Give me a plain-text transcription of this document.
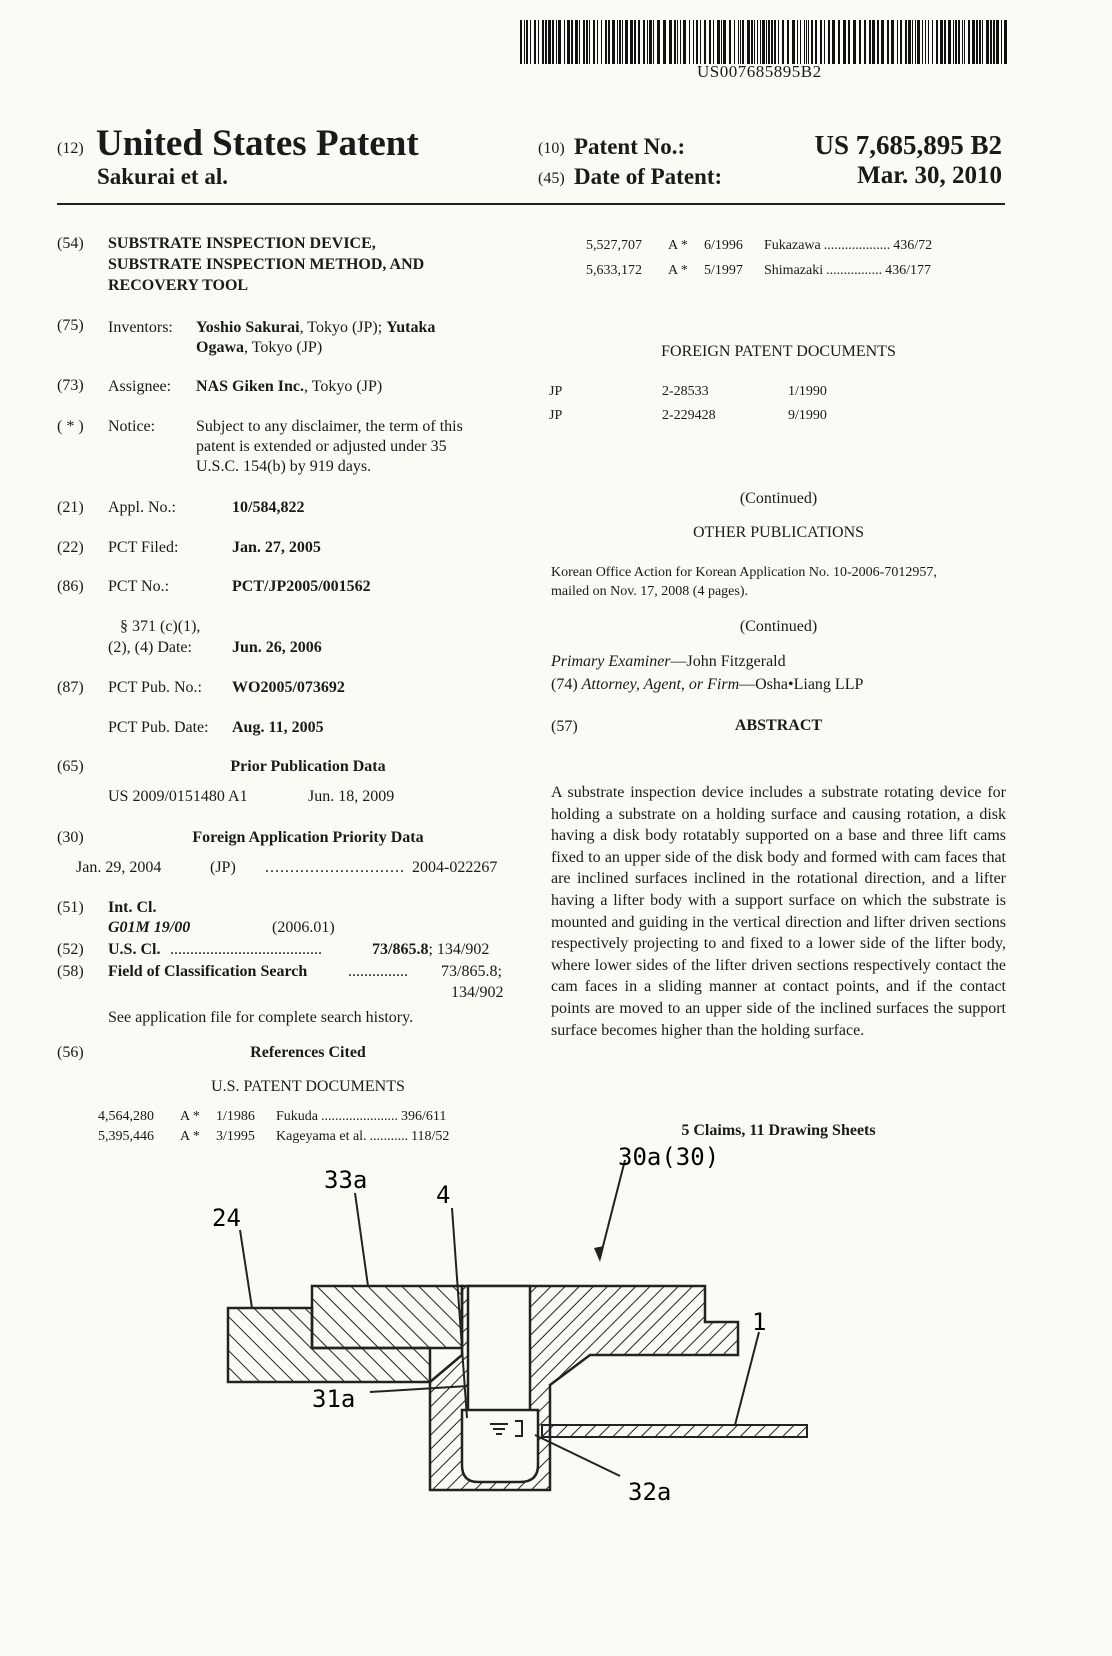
US007685895B2
(12) United States Patent
Sakurai et al.
(10) Patent No.:	US 7,685,895 B2
(45) Date of Patent:	Mar. 30, 2010
(54) SUBSTRATE INSPECTION DEVICE,
SUBSTRATE INSPECTION METHOD, AND
RECOVERY TOOL
(75) Inventors: Yoshio Sakurai, Tokyo (JP); Yutaka
Ogawa, Tokyo (JP)
(73) Assignee: NAS Giken Inc., Tokyo (JP)
( * ) Notice:	Subject to any disclaimer, the term of this
patent is extended or adjusted under 35
U.S.C. 154(b) by 919 days.
(21) Appl. No.:	10/584,822
(22) PCT Filed:	Jan. 27, 2005
(86) PCT No.:	PCT/JP2005/001562
§ 371 (c)(1),
(2), (4) Date:	Jun. 26, 2006
(87) PCT Pub. No.: WO2005/073692
PCT Pub. Date: Aug. 11, 2005
(65)	Prior Publication Data
US 2009/0151480 A1	Jun. 18, 2009
(30)	Foreign Application Priority Data
Jan. 29, 2004	(JP) ............................ 2004-022267
(51) Int. Cl.
G01M 19/00	(2006.01)
(52) U.S. Cl. ......................................	73/865.8; 134/902
(58) Field of Classification Search	............... 73/865.8;
134/902
See application file for complete search history.
(56)	References Cited
U.S. PATENT DOCUMENTS
4,564,280 A * 1/1986 Fukuda ...................... 396/611
5,395,446 A * 3/1995 Kageyama et al. ........... 118/52
5,527,707 A * 6/1996 Fukazawa ................... 436/72
5,633,172 A * 5/1997 Shimazaki ................ 436/177
FOREIGN PATENT DOCUMENTS
JP	2-28533	1/1990
JP	2-229428	9/1990
(Continued)
OTHER PUBLICATIONS
Korean Office Action for Korean Application No. 10-2006-7012957,
mailed on Nov. 17, 2008 (4 pages).
(Continued)
Primary Examiner—John Fitzgerald
(74) Attorney, Agent, or Firm—Osha•Liang LLP
(57)	ABSTRACT
A substrate inspection device includes a substrate rotating device for holding a substrate on a holding surface and causing rotation, a disk having a disk body rotatably supported on a base and three lift cams fixed to an upper side of the disk body and formed with cam faces that are inclined surfaces inclined in the rotational direction, and a lifter having a lifter body with a support surface on which the substrate is mounted and guiding in the vertical direction and lifter driven sections respectively projecting to and fixed to a lower side of the lifter body, where lower sides of the lifter driven sections respectively contact the cam faces in a sliding manner at contact points, and if the contact points are moved to an upper side of the inclined surfaces the support surface becomes higher than the holding surface.
5 Claims, 11 Drawing Sheets
30a(30)
33a
24
4
1
31a
32a
